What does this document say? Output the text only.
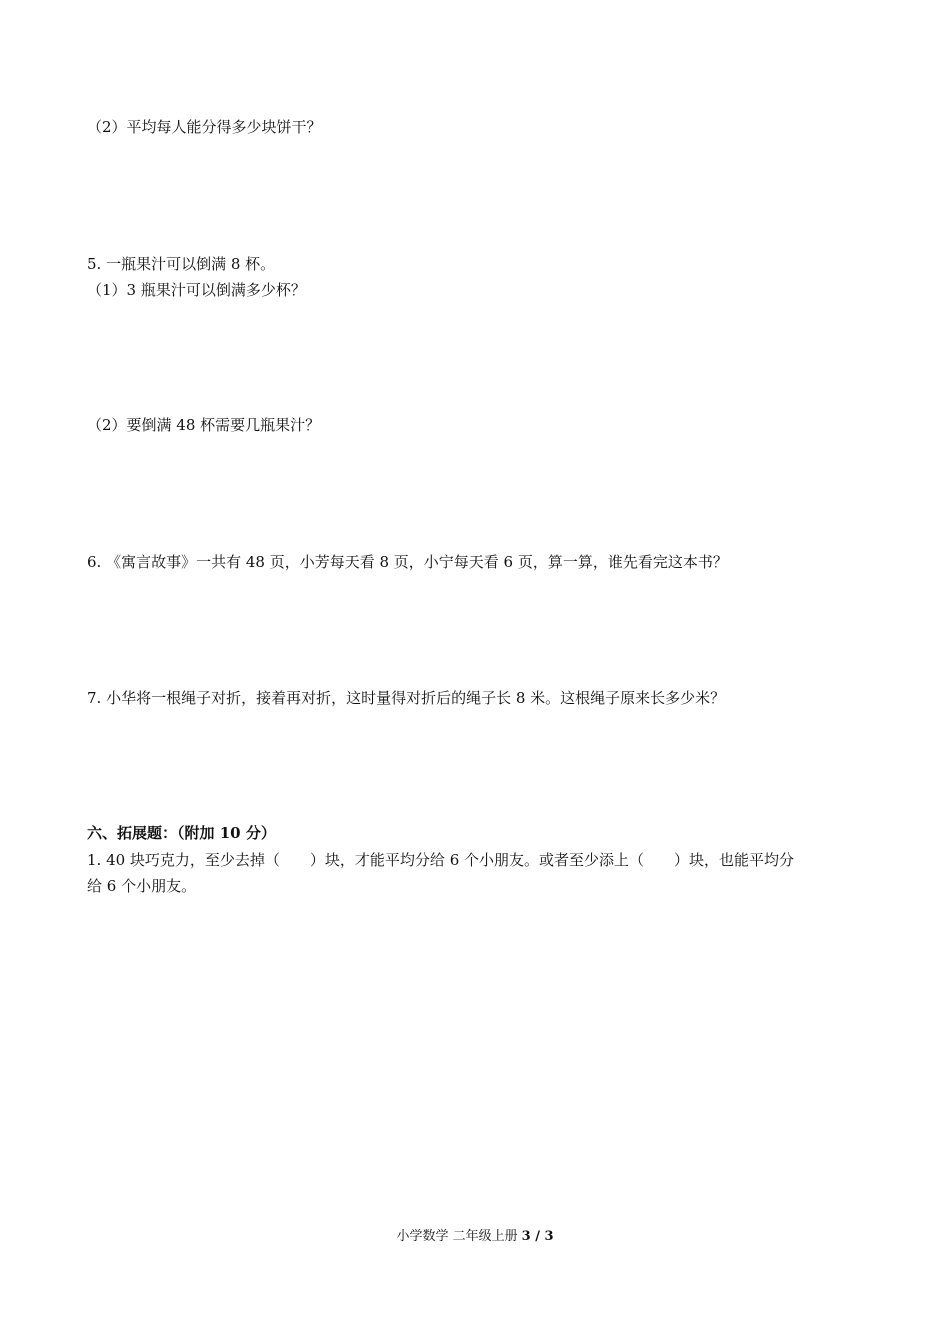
（2）平均每人能分得多少块饼干？
5. 一瓶果汁可以倒满 8 杯。
（1）3 瓶果汁可以倒满多少杯？
（2）要倒满 48 杯需要几瓶果汁？
6. 《寓言故事》一共有 48 页，小芳每天看 8 页，小宁每天看 6 页，算一算，谁先看完这本书？
7. 小华将一根绳子对折，接着再对折，这时量得对折后的绳子长 8 米。这根绳子原来长多少米？
六、拓展题：（附加 10 分）
1. 40 块巧克力，至少去掉（　　）块，才能平均分给 6 个小朋友。或者至少添上（　　）块，也能平均分
给 6 个小朋友。
小学数学 二年级上册 3 / 3
